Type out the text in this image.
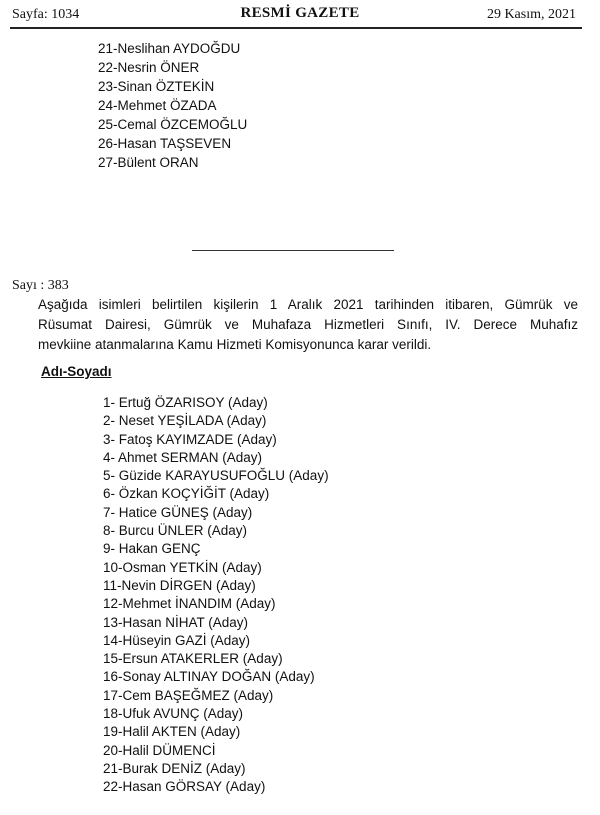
Sayfa: 1034	RESMİ GAZETE	29 Kasım, 2021
21-Neslihan AYDOĞDU
22-Nesrin ÖNER
23-Sinan ÖZTEKİN
24-Mehmet ÖZADA
25-Cemal ÖZCEMOĞLU
26-Hasan TAŞSEVEN
27-Bülent ORAN
Sayı : 383
Aşağıda isimleri belirtilen kişilerin 1 Aralık 2021 tarihinden itibaren, Gümrük ve
Rüsumat Dairesi, Gümrük ve Muhafaza Hizmetleri Sınıfı, IV. Derece Muhafız
mevkiine atanmalarına Kamu Hizmeti Komisyonunca karar verildi.
Adı-Soyadı
1- Ertuğ ÖZARISOY (Aday)
2- Neset YEŞİLADA (Aday)
3- Fatoş KAYIMZADE (Aday)
4- Ahmet SERMAN (Aday)
5- Güzide KARAYUSUFOĞLU (Aday)
6- Özkan KOÇYİĞİT (Aday)
7- Hatice GÜNEŞ (Aday)
8- Burcu ÜNLER (Aday)
9- Hakan GENÇ
10-Osman YETKİN (Aday)
11-Nevin DİRGEN (Aday)
12-Mehmet İNANDIM (Aday)
13-Hasan NİHAT (Aday)
14-Hüseyin GAZİ (Aday)
15-Ersun ATAKERLER (Aday)
16-Sonay ALTINAY DOĞAN (Aday)
17-Cem BAŞEĞMEZ (Aday)
18-Ufuk AVUNÇ (Aday)
19-Halil AKTEN (Aday)
20-Halil DÜMENCİ
21-Burak DENİZ (Aday)
22-Hasan GÖRSAY (Aday)
